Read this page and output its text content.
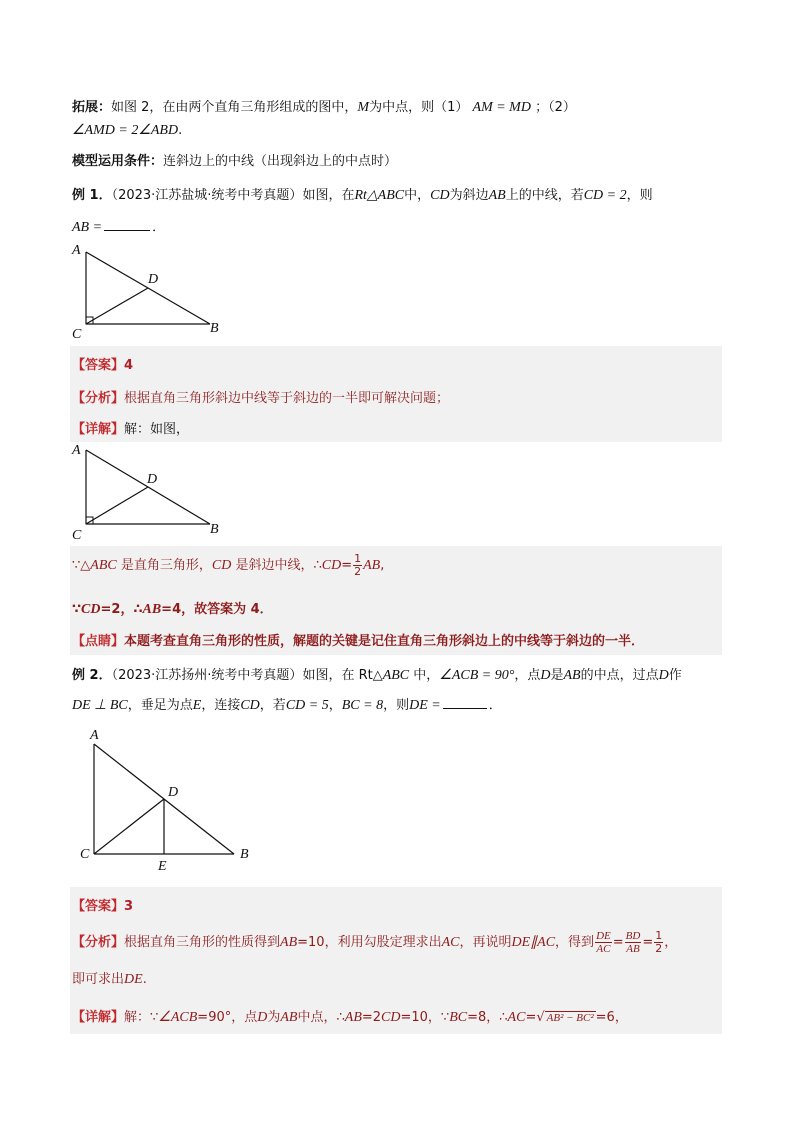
拓展：如图 2，在由两个直角三角形组成的图中，M为中点，则（1） AM = MD ；（2）
∠AMD = 2∠ABD.
模型运用条件：连斜边上的中线（出现斜边上的中点时）
例 1．（2023·江苏盐城·统考中考真题）如图，在Rt△ABC中，CD为斜边AB上的中线，若CD = 2，则
AB =	．
A
D
C	B
【答案】4
【分析】根据直角三角形斜边中线等于斜边的一半即可解决问题；
【详解】解：如图，
A
D
C	B
∵△ABC 是直角三角形，CD 是斜边中线，∴CD= $\frac{1}{2}$ AB,
∵CD=2，∴AB=4，故答案为 4．
【点睛】本题考查直角三角形的性质，解题的关键是记住直角三角形斜边上的中线等于斜边的一半．
例 2．（2023·江苏扬州·统考中考真题）如图，在 Rt△ABC 中，∠ACB = 90°，点D是AB的中点，过点D作
DE ⊥ BC，垂足为点E，连接CD，若CD = 5，BC = 8，则DE =	．
A
D
C
E
B
【答案】3
【分析】根据直角三角形的性质得到AB=10，利用勾股定理求出AC，再说明DE∥AC，得到 $\frac{DE}{AC} = \frac{BD}{AB} = \frac{1}{2}$ ，
即可求出DE.
【详解】解：∵∠ACB=90°，点D为AB中点，∴AB=2CD=10，∵BC=8，∴AC=√ AB² − BC² =6，
